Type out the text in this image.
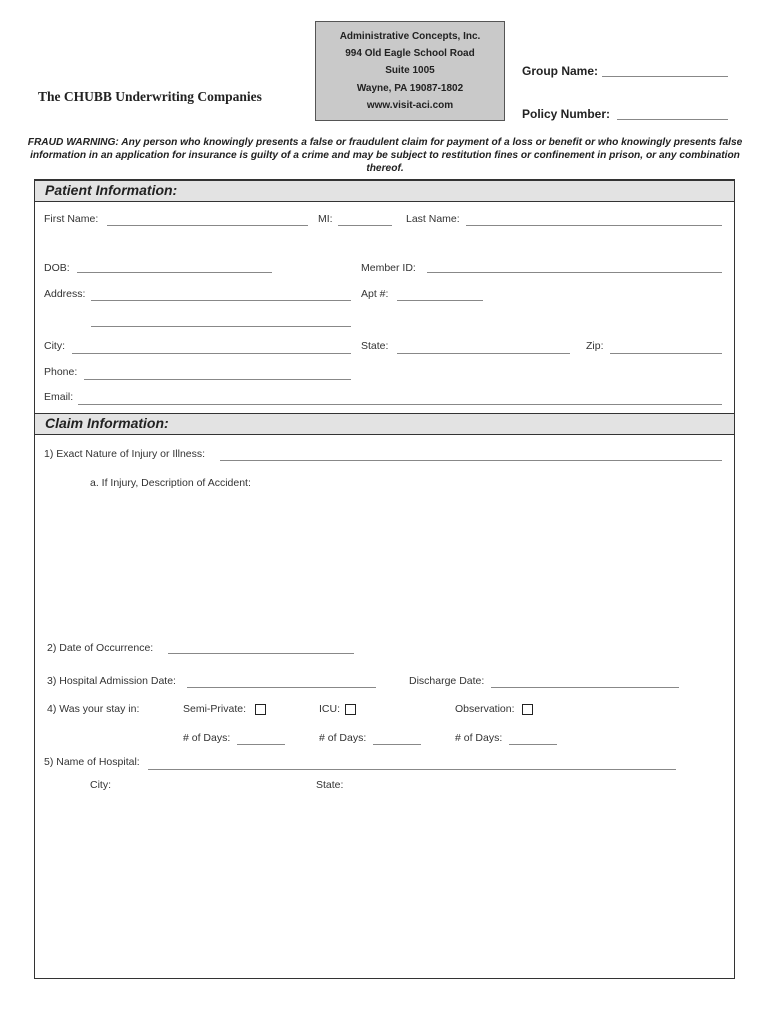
The CHUBB Underwriting Companies
Administrative Concepts, Inc.
994 Old Eagle School Road
Suite 1005
Wayne, PA 19087-1802
www.visit-aci.com
Group Name:
Policy Number:
FRAUD WARNING: Any person who knowingly presents a false or fraudulent claim for payment of a loss or benefit or who knowingly presents false information in an application for insurance is guilty of a crime and may be subject to restitution fines or confinement in prison, or any combination thereof.
Patient Information:
First Name:	MI:	Last Name:
DOB:	Member ID:
Address:	Apt #:
City:	State:	Zip:
Phone:
Email:
Claim Information:
1) Exact Nature of Injury or Illness:
a. If Injury, Description of Accident:
2) Date of Occurrence:
3) Hospital Admission Date:	Discharge Date:
4) Was your stay in:	Semi-Private:	ICU:	Observation:
# of Days:	# of Days:	# of Days:
5) Name of Hospital:
City:	State:
